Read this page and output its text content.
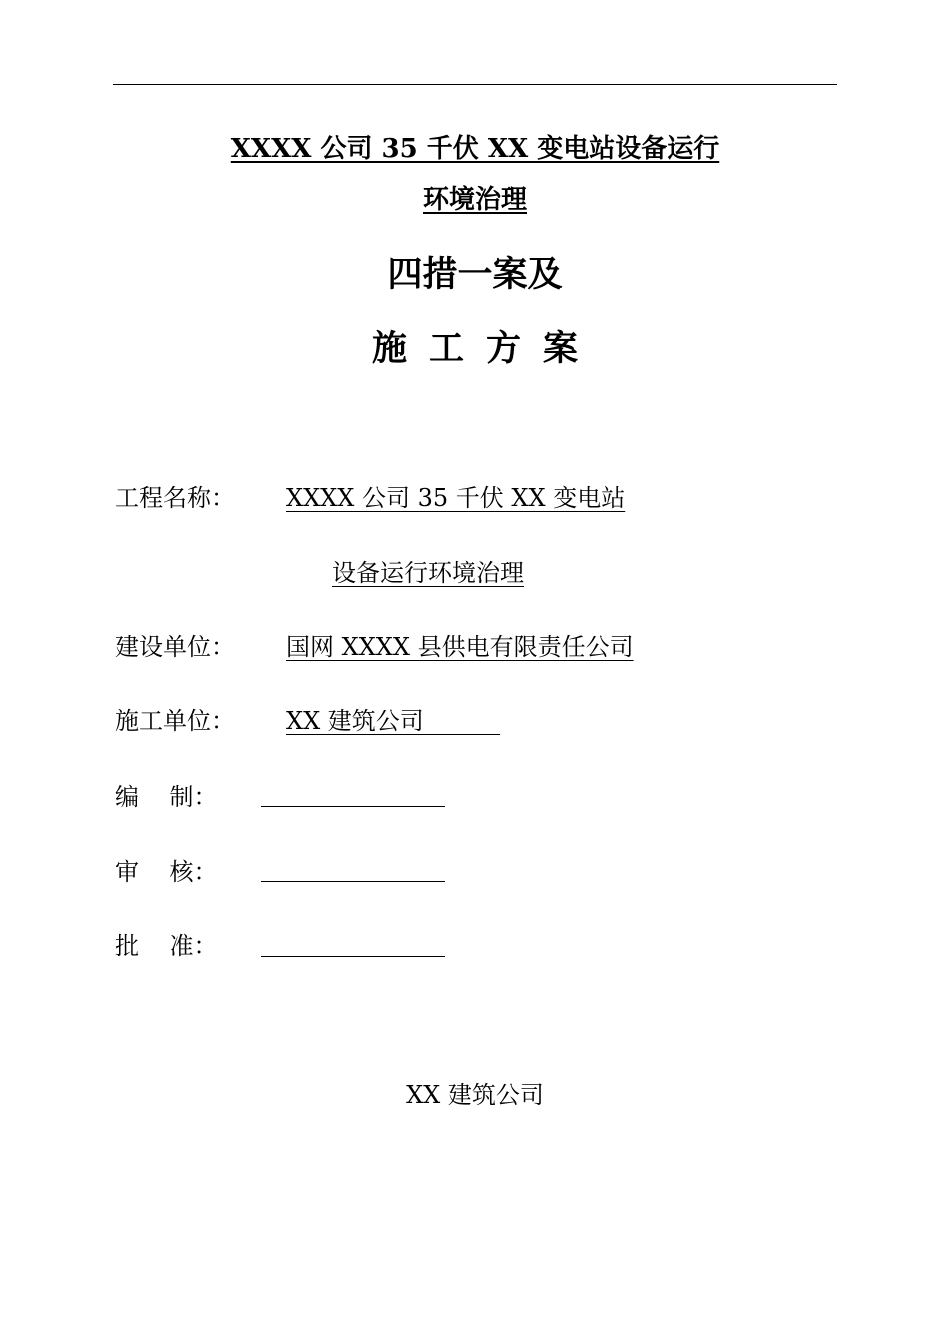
XXXX 公司 35 千伏 XX 变电站设备运行
环境治理
四措一案及
施工方案
工程名称： XXXX 公司 35 千伏 XX 变电站
设备运行环境治理
建设单位： 国网 XXXX 县供电有限责任公司
施工单位： XX 建筑公司
编    制：
审    核：
批    准：
XX 建筑公司
